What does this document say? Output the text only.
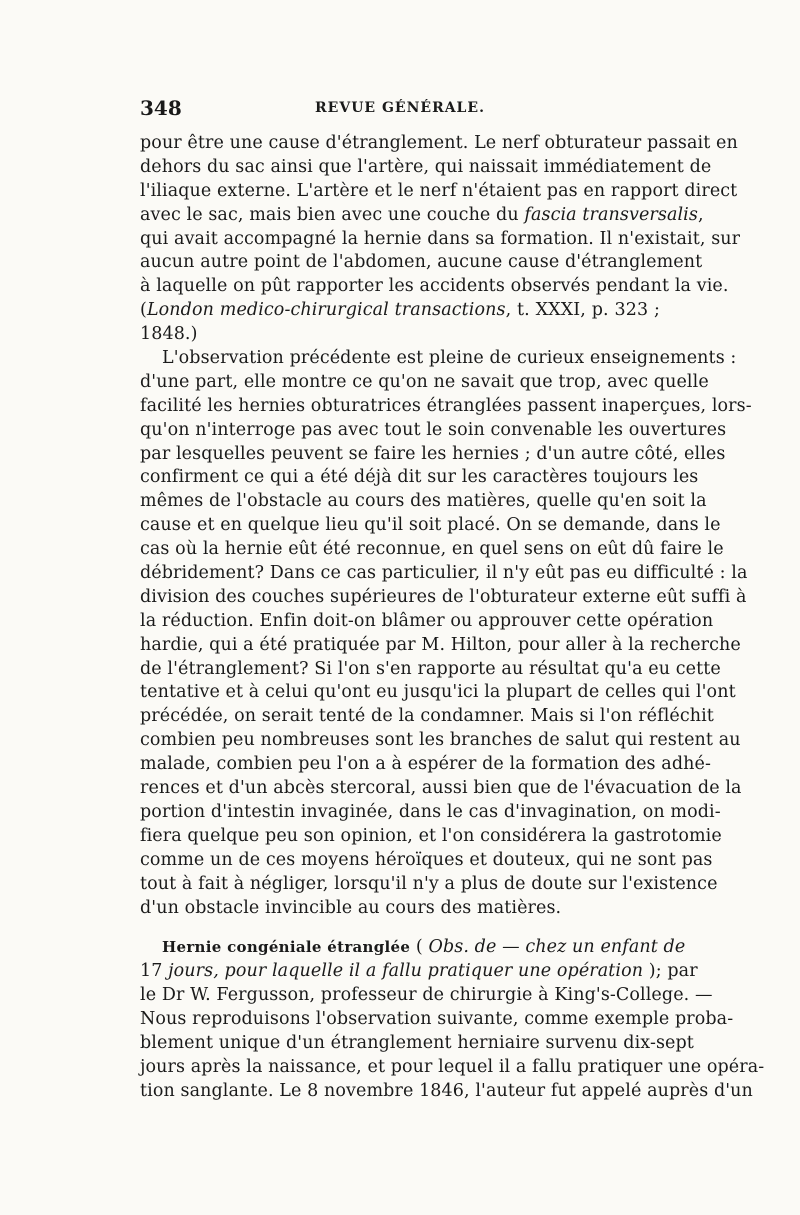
348	REVUE GÉNÉRALE.
pour être une cause d'étranglement. Le nerf obturateur passait en
dehors du sac ainsi que l'artère, qui naissait immédiatement de
l'iliaque externe. L'artère et le nerf n'étaient pas en rapport direct
avec le sac, mais bien avec une couche du fascia transversalis,
qui avait accompagné la hernie dans sa formation. Il n'existait, sur
aucun autre point de l'abdomen, aucune cause d'étranglement
à laquelle on pût rapporter les accidents observés pendant la vie.
(London medico-chirurgical transactions, t. XXXI, p. 323 ;
1848.)
L'observation précédente est pleine de curieux enseignements :
d'une part, elle montre ce qu'on ne savait que trop, avec quelle
facilité les hernies obturatrices étranglées passent inaperçues, lors-
qu'on n'interroge pas avec tout le soin convenable les ouvertures
par lesquelles peuvent se faire les hernies ; d'un autre côté, elles
confirment ce qui a été déjà dit sur les caractères toujours les
mêmes de l'obstacle au cours des matières, quelle qu'en soit la
cause et en quelque lieu qu'il soit placé. On se demande, dans le
cas où la hernie eût été reconnue, en quel sens on eût dû faire le
débridement? Dans ce cas particulier, il n'y eût pas eu difficulté : la
division des couches supérieures de l'obturateur externe eût suffi à
la réduction. Enfin doit-on blâmer ou approuver cette opération
hardie, qui a été pratiquée par M. Hilton, pour aller à la recherche
de l'étranglement? Si l'on s'en rapporte au résultat qu'a eu cette
tentative et à celui qu'ont eu jusqu'ici la plupart de celles qui l'ont
précédée, on serait tenté de la condamner. Mais si l'on réfléchit
combien peu nombreuses sont les branches de salut qui restent au
malade, combien peu l'on a à espérer de la formation des adhé-
rences et d'un abcès stercoral, aussi bien que de l'évacuation de la
portion d'intestin invaginée, dans le cas d'invagination, on modi-
fiera quelque peu son opinion, et l'on considérera la gastrotomie
comme un de ces moyens héroïques et douteux, qui ne sont pas
tout à fait à négliger, lorsqu'il n'y a plus de doute sur l'existence
d'un obstacle invincible au cours des matières.
Hernie congéniale étranglée ( Obs. de — chez un enfant de
17 jours, pour laquelle il a fallu pratiquer une opération ); par
le Dr W. Fergusson, professeur de chirurgie à King's-College. —
Nous reproduisons l'observation suivante, comme exemple proba-
blement unique d'un étranglement herniaire survenu dix-sept
jours après la naissance, et pour lequel il a fallu pratiquer une opéra-
tion sanglante. Le 8 novembre 1846, l'auteur fut appelé auprès d'un
